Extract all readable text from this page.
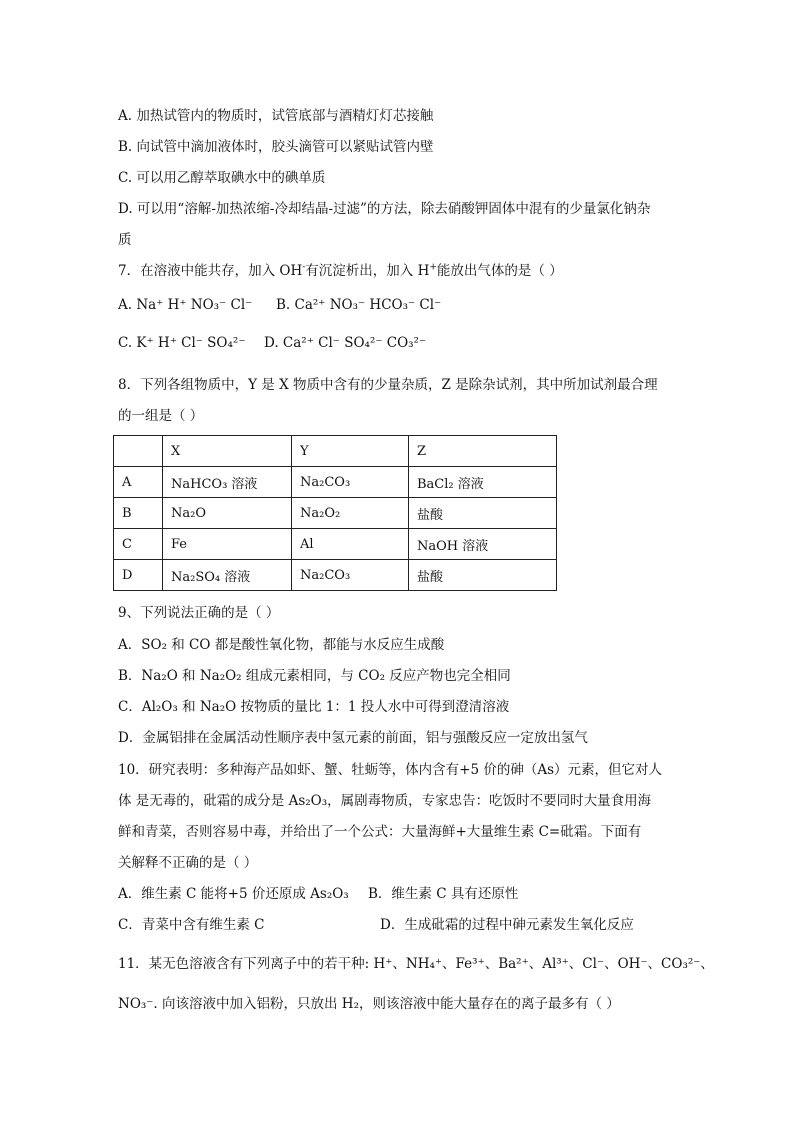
A. 加热试管内的物质时，试管底部与酒精灯灯芯接触
B. 向试管中滴加液体时，胶头滴管可以紧贴试管内壁
C. 可以用乙醇萃取碘水中的碘单质
D. 可以用“溶解-加热浓缩-冷却结晶-过滤”的方法，除去硝酸钾固体中混有的少量氯化钠杂
质
7．在溶液中能共存，加入 OH-有沉淀析出，加入 H+能放出气体的是（ ）
A. Na⁺ H⁺ NO₃⁻ Cl⁻ B. Ca²⁺ NO₃⁻ HCO₃⁻ Cl⁻
C. K⁺ H⁺ Cl⁻ SO₄²⁻ D. Ca²⁺ Cl⁻ SO₄²⁻ CO₃²⁻
8．下列各组物质中，Y 是 X 物质中含有的少量杂质，Z 是除杂试剂，其中所加试剂最合理
的一组是（ ）
	X	Y	Z
A	NaHCO₃ 溶液	Na₂CO₃	BaCl₂ 溶液
B	Na₂O	Na₂O₂	盐酸
C	Fe	Al	NaOH 溶液
D	Na₂SO₄ 溶液	Na₂CO₃	盐酸
9、下列说法正确的是（ ）
A．SO₂ 和 CO 都是酸性氧化物，都能与水反应生成酸
B．Na₂O 和 Na₂O₂ 组成元素相同，与 CO₂ 反应产物也完全相同
C．Al₂O₃ 和 Na₂O 按物质的量比 1：1 投人水中可得到澄清溶液
D．金属铝排在金属活动性顺序表中氢元素的前面，铝与强酸反应一定放出氢气
10．研究表明：多种海产品如虾、蟹、牡蛎等，体内含有+5 价的砷（As）元素，但它对人
体 是无毒的，砒霜的成分是 As₂O₃，属剧毒物质，专家忠告：吃饭时不要同时大量食用海
鲜和青菜，否则容易中毒，并给出了一个公式：大量海鲜+大量维生素 C=砒霜。下面有
关解释不正确的是（ ）
A．维生素 C 能将+5 价还原成 As₂O₃ B．维生素 C 具有还原性
C．青菜中含有维生素 C	D．生成砒霜的过程中砷元素发生氧化反应
11．某无色溶液含有下列离子中的若干种: H⁺、NH₄⁺、Fe³⁺、Ba²⁺、Al³⁺、Cl⁻、OH⁻、CO₃²⁻、
NO₃⁻. 向该溶液中加入铝粉，只放出 H₂，则该溶液中能大量存在的离子最多有（ ）
